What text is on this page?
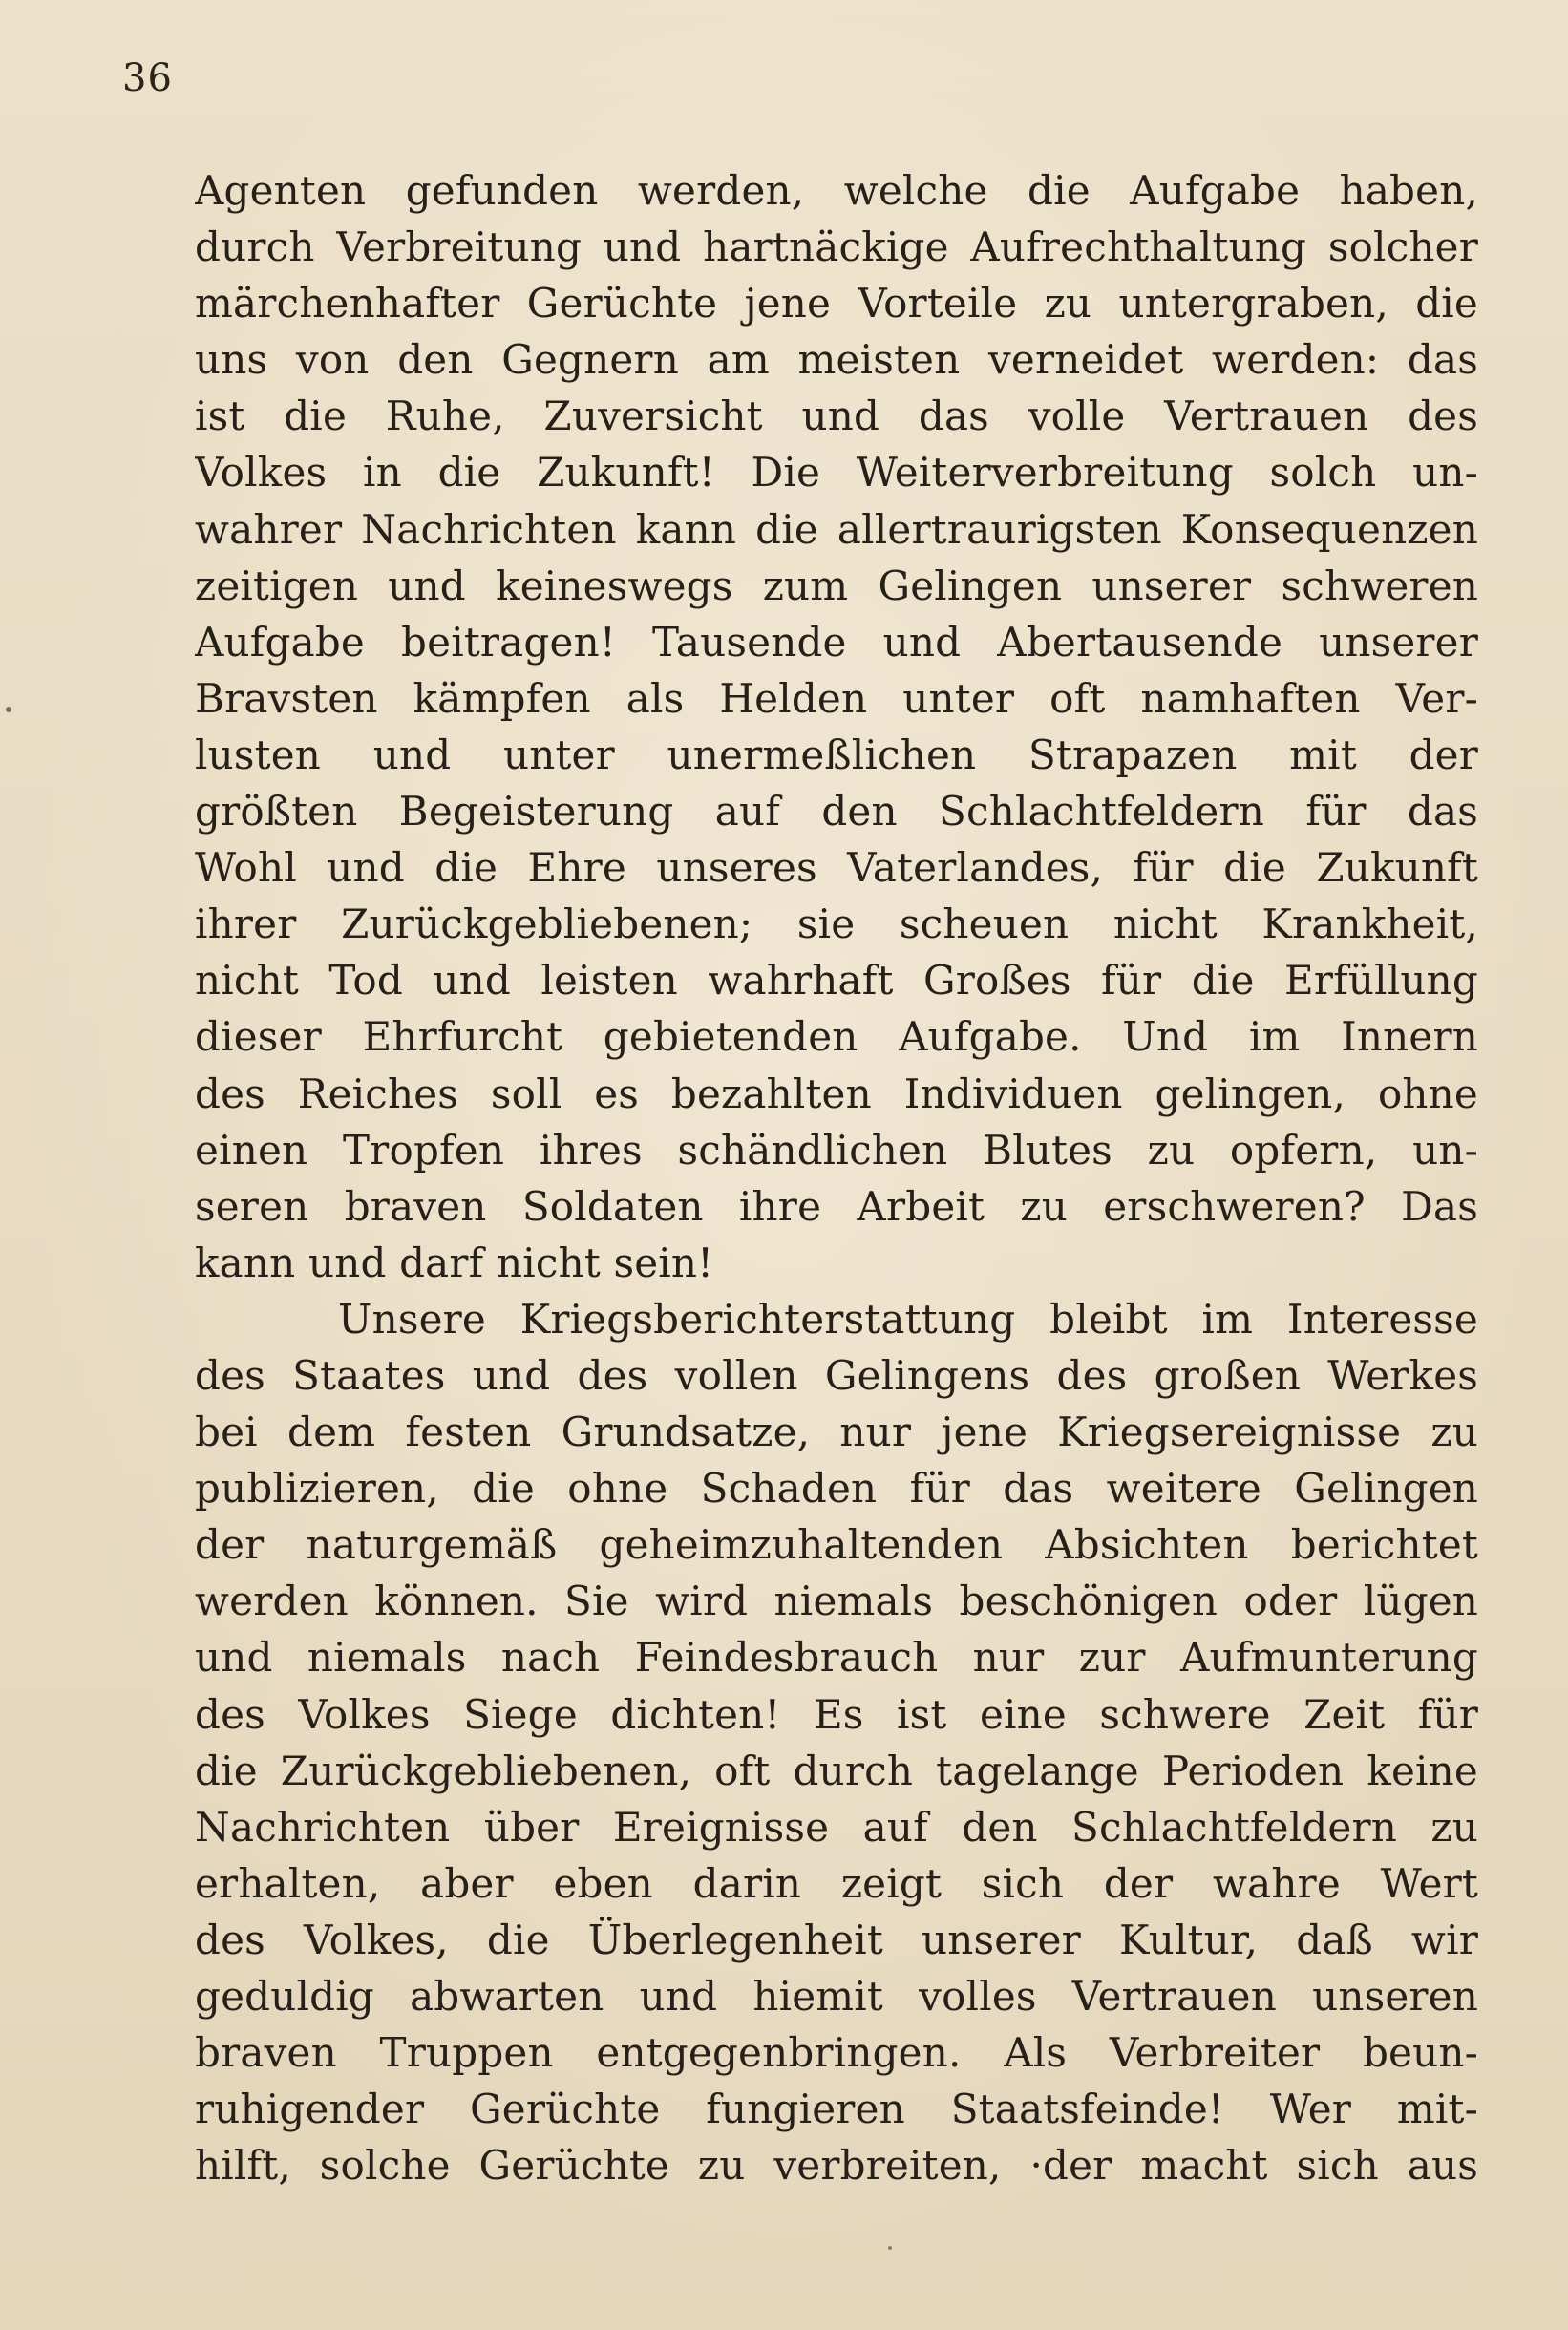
36
Agenten gefunden werden, welche die Aufgabe haben,
durch Verbreitung und hartnäckige Aufrechthaltung solcher
märchenhafter Gerüchte jene Vorteile zu untergraben, die
uns von den Gegnern am meisten verneidet werden: das
ist die Ruhe, Zuversicht und das volle Vertrauen des
Volkes in die Zukunft! Die Weiterverbreitung solch un-
wahrer Nachrichten kann die allertraurigsten Konsequenzen
zeitigen und keineswegs zum Gelingen unserer schweren
Aufgabe beitragen! Tausende und Abertausende unserer
Bravsten kämpfen als Helden unter oft namhaften Ver-
lusten und unter unermeßlichen Strapazen mit der
größten Begeisterung auf den Schlachtfeldern für das
Wohl und die Ehre unseres Vaterlandes, für die Zukunft
ihrer Zurückgebliebenen; sie scheuen nicht Krankheit,
nicht Tod und leisten wahrhaft Großes für die Erfüllung
dieser Ehrfurcht gebietenden Aufgabe. Und im Innern
des Reiches soll es bezahlten Individuen gelingen, ohne
einen Tropfen ihres schändlichen Blutes zu opfern, un-
seren braven Soldaten ihre Arbeit zu erschweren? Das
kann und darf nicht sein!
Unsere Kriegsberichterstattung bleibt im Interesse
des Staates und des vollen Gelingens des großen Werkes
bei dem festen Grundsatze, nur jene Kriegsereignisse zu
publizieren, die ohne Schaden für das weitere Gelingen
der naturgemäß geheimzuhaltenden Absichten berichtet
werden können. Sie wird niemals beschönigen oder lügen
und niemals nach Feindesbrauch nur zur Aufmunterung
des Volkes Siege dichten! Es ist eine schwere Zeit für
die Zurückgebliebenen, oft durch tagelange Perioden keine
Nachrichten über Ereignisse auf den Schlachtfeldern zu
erhalten, aber eben darin zeigt sich der wahre Wert
des Volkes, die Überlegenheit unserer Kultur, daß wir
geduldig abwarten und hiemit volles Vertrauen unseren
braven Truppen entgegenbringen. Als Verbreiter beun-
ruhigender Gerüchte fungieren Staatsfeinde! Wer mit-
hilft, solche Gerüchte zu verbreiten, ·der macht sich aus
